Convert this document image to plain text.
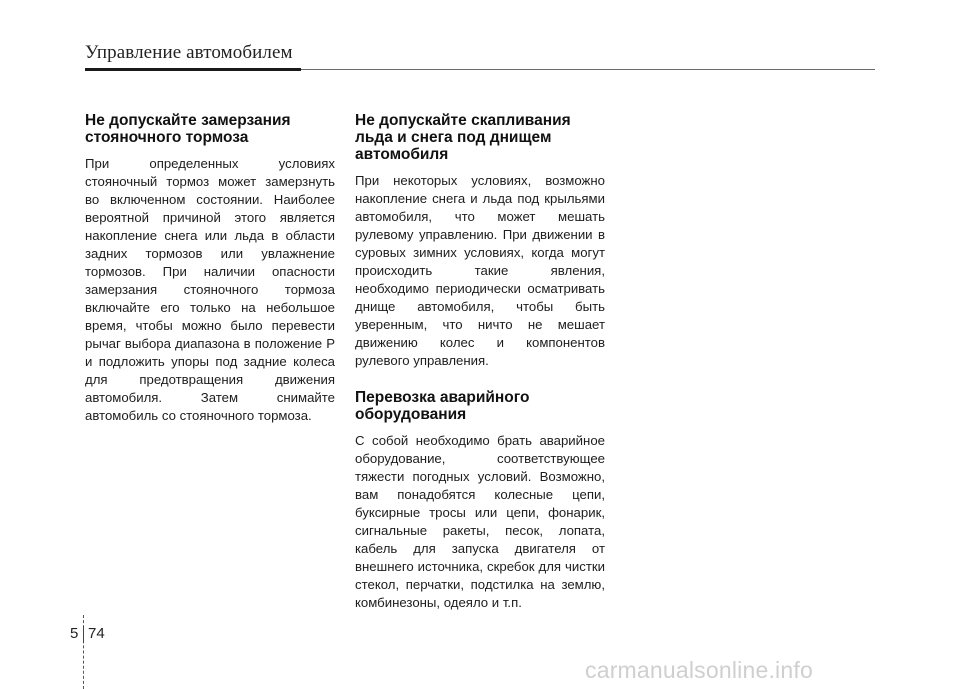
Управление автомобилем
Не допускайте замерзания стояночного тормоза

При определенных условиях стояночный тормоз может замерзнуть во включенном состоянии. Наиболее вероятной причиной этого является накопление снега или льда в области задних тормозов или увлажнение тормозов. При наличии опасности замерзания стояночного тормоза включайте его только на небольшое время, чтобы можно было перевести рычаг выбора диапазона в положение P и подложить упоры под задние колеса для предотвращения движения автомобиля. Затем снимайте автомобиль со стояночного тормоза.

Не допускайте скапливания льда и снега под днищем автомобиля

При некоторых условиях, возможно накопление снега и льда под крыльями автомобиля, что может мешать рулевому управлению. При движении в суровых зимних условиях, когда могут происходить такие явления, необходимо периодически осматривать днище автомобиля, чтобы быть уверенным, что ничто не мешает движению колес и компонентов рулевого управления.

Перевозка аварийного оборудования

С собой необходимо брать аварийное оборудование, соответствующее тяжести погодных условий. Возможно, вам понадобятся колесные цепи, буксирные тросы или цепи, фонарик, сигнальные ракеты, песок, лопата, кабель для запуска двигателя от внешнего источника, скребок для чистки стекол, перчатки, подстилка на землю, комбинезоны, одеяло и т.п.

5 74
carmanualsonline.info
